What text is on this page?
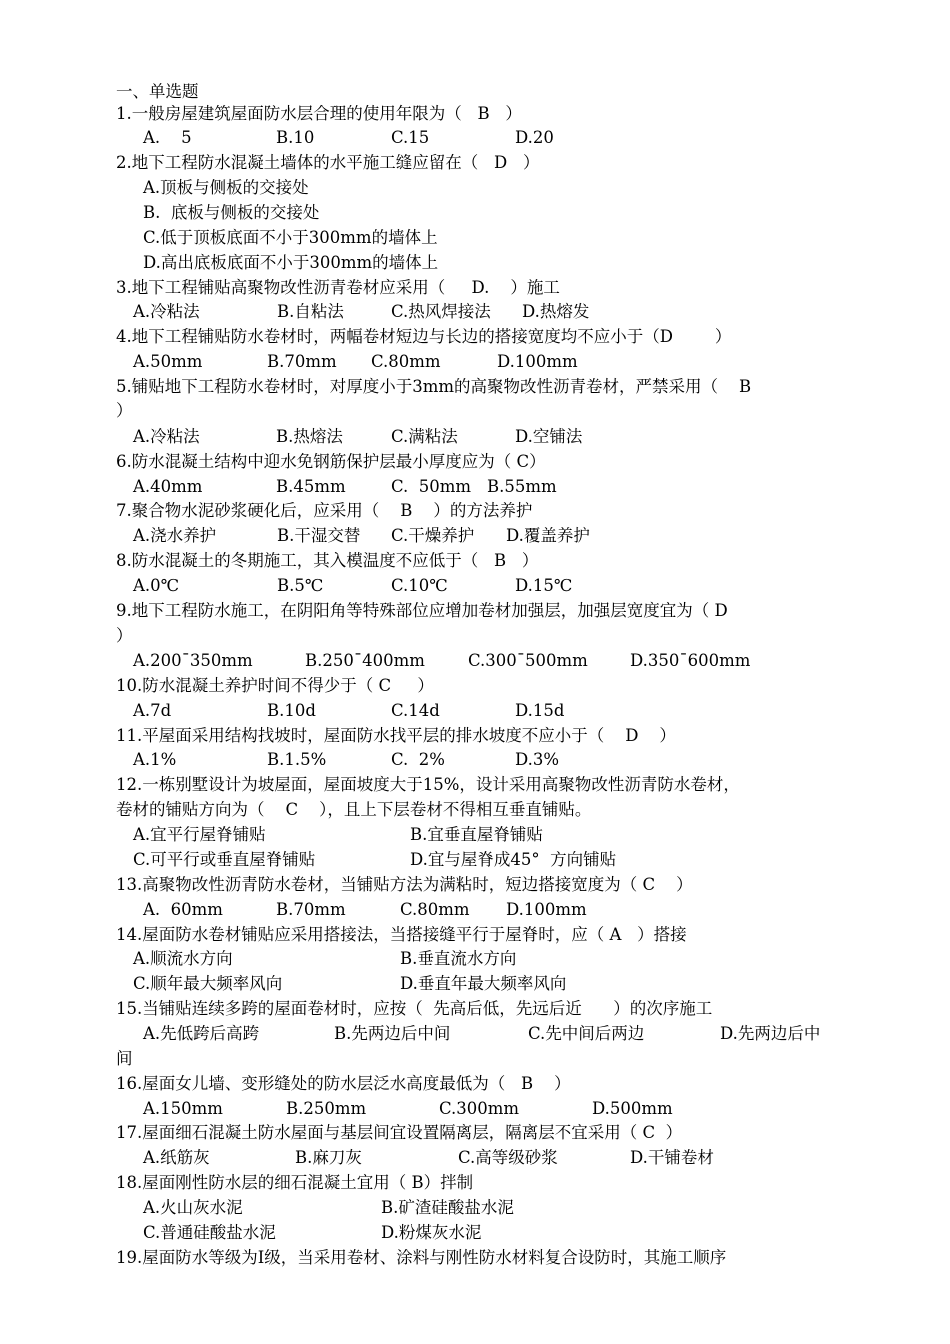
一、单选题
1.一般房屋建筑屋面防水层合理的使用年限为（   B   ）
A.    5	B.10	C.15	D.20
2.地下工程防水混凝土墙体的水平施工缝应留在（   D   ）
A.顶板与侧板的交接处
B.  底板与侧板的交接处
C.低于顶板底面不小于300mm的墙体上
D.高出底板底面不小于300mm的墙体上
3.地下工程铺贴高聚物改性沥青卷材应采用（     D.    ）施工
A.冷粘法	B.自粘法	C.热风焊接法 D.热熔发
4.地下工程铺贴防水卷材时，两幅卷材短边与长边的搭接宽度均不应小于（D        ）
A.50mm	B.70mm C.80mm	D.100mm
5.铺贴地下工程防水卷材时，对厚度小于3mm的高聚物改性沥青卷材，严禁采用（    B
）
A.冷粘法	B.热熔法	C.满粘法	D.空铺法
6.防水混凝土结构中迎水免钢筋保护层最小厚度应为（ C）
A.40mm	B.45mm	C.  50mm B.55mm
7.聚合物水泥砂浆硬化后，应采用（    B    ）的方法养护
A.浇水养护	B.干湿交替 C.干燥养护 D.覆盖养护
8.防水混凝土的冬期施工，其入模温度不应低于（   B   ）
A.0℃	B.5℃	C.10℃	D.15℃
9.地下工程防水施工，在阴阳角等特殊部位应增加卷材加强层，加强层宽度宜为（ D
）
A.200¯350mm	B.250¯400mm	C.300¯500mm	D.350¯600mm
10.防水混凝土养护时间不得少于（ C     ）
A.7d	B.10d	C.14d	D.15d
11.平屋面采用结构找坡时，屋面防水找平层的排水坡度不应小于（    D    ）
A.1%	B.1.5%	C.  2%	D.3%
12.一栋别墅设计为坡屋面，屋面坡度大于15%，设计采用高聚物改性沥青防水卷材，
卷材的铺贴方向为（    C    ），且上下层卷材不得相互垂直铺贴。
A.宜平行屋脊铺贴	B.宜垂直屋脊铺贴
C.可平行或垂直屋脊铺贴	D.宜与屋脊成45°  方向铺贴
13.高聚物改性沥青防水卷材，当铺贴方法为满粘时，短边搭接宽度为（ C    ）
A.  60mm	B.70mm	C.80mm D.100mm
14.屋面防水卷材铺贴应采用搭接法，当搭接缝平行于屋脊时，应（ A   ）搭接
A.顺流水方向	B.垂直流水方向
C.顺年最大频率风向	D.垂直年最大频率风向
15.当铺贴连续多跨的屋面卷材时，应按（  先高后低，先远后近      ）的次序施工
A.先低跨后高跨	B.先两边后中间	C.先中间后两边	D.先两边后中
间
16.屋面女儿墙、变形缝处的防水层泛水高度最低为（   B    ）
A.150mm	B.250mm	C.300mm	D.500mm
17.屋面细石混凝土防水屋面与基层间宜设置隔离层，隔离层不宜采用（ C  ）
A.纸筋灰	B.麻刀灰	C.高等级砂浆	D.干铺卷材
18.屋面刚性防水层的细石混凝土宜用（ B）拌制
A.火山灰水泥	B.矿渣硅酸盐水泥
C.普通硅酸盐水泥	D.粉煤灰水泥
19.屋面防水等级为Ⅰ级，当采用卷材、涂料与刚性防水材料复合设防时，其施工顺序
